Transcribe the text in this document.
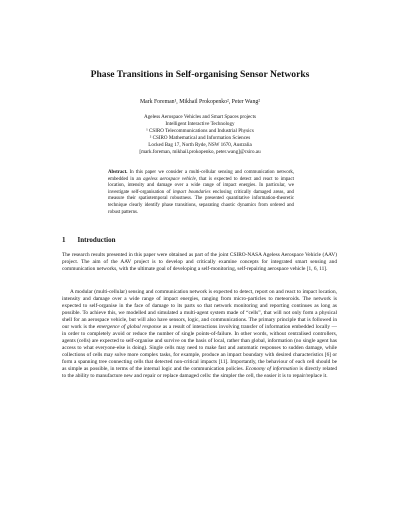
Phase Transitions in Self-organising Sensor Networks
Mark Foreman¹, Mikhail Prokopenko², Peter Wang²
Ageless Aerospace Vehicles and Smart Spaces projects
Intelligent Interactive Technology
¹ CSIRO Telecommunications and Industrial Physics
² CSIRO Mathematical and Information Sciences
Locked Bag 17, North Ryde, NSW 1670, Australia
[mark.foreman, mikhail.prokopenko, peter.wang]@csiro.au
Abstract. In this paper we consider a multi-cellular sensing and communication network, embedded in an ageless aerospace vehicle, that is expected to detect and react to impact location, intensity and damage over a wide range of impact energies. In particular, we investigate self-organisation of impact boundaries enclosing critically damaged areas, and measure their spatiotemporal robustness. The presented quantitative information-theoretic technique clearly identify phase transitions, separating chaotic dynamics from ordered and robust patterns.
1 Introduction
The research results presented in this paper were obtained as part of the joint CSIRO-NASA Ageless Aerospace Vehicle (AAV) project. The aim of the AAV project is to develop and critically examine concepts for integrated smart sensing and communication networks, with the ultimate goal of developing a self-monitoring, self-repairing aerospace vehicle [1, 6, 11].
A modular (multi-cellular) sensing and communication network is expected to detect, report on and react to impact location, intensity and damage over a wide range of impact energies, ranging from micro-particles to meteoroids. The network is expected to self-organise in the face of damage to its parts so that network monitoring and reporting continues as long as possible. To achieve this, we modelled and simulated a multi-agent system made of “cells”, that will not only form a physical shell for an aerospace vehicle, but will also have sensors, logic, and communications. The primary principle that is followed in our work is the emergence of global response as a result of interactions involving transfer of information embedded locally — in order to completely avoid or reduce the number of single points-of-failure. In other words, without centralised controllers, agents (cells) are expected to self-organise and survive on the basis of local, rather than global, information (no single agent has access to what everyone-else is doing). Single cells may need to make fast and automatic responses to sudden damage, while collections of cells may solve more complex tasks, for example, produce an impact boundary with desired characteristics [6] or form a spanning tree connecting cells that detected non-critical impacts [11]. Importantly, the behaviour of each cell should be as simple as possible, in terms of the internal logic and the communication policies. Economy of information is directly related to the ability to manufacture new and repair or replace damaged cells: the simpler the cell, the easier it is to repair/replace it.
